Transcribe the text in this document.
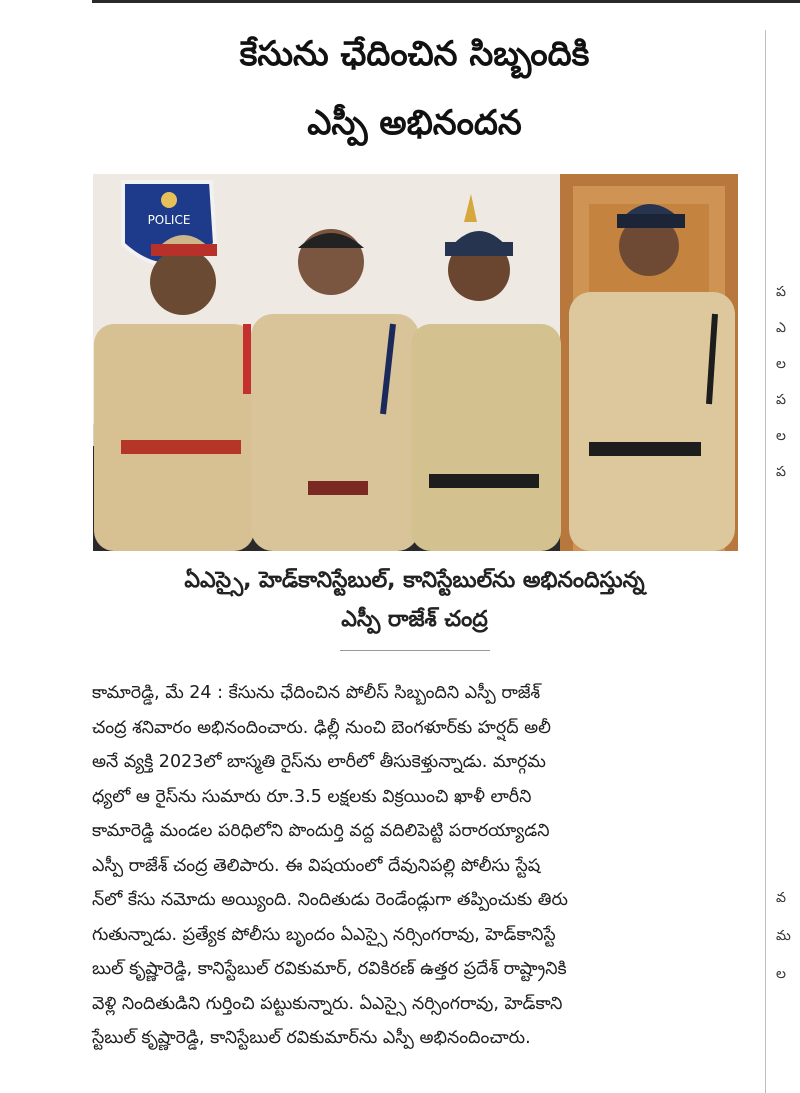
కేసును ఛేదించిన సిబ్బందికి
ఎస్పీ అభినందన
POLICE
ఏఎస్సై, హెడ్‌కానిస్టేబుల్, కానిస్టేబుల్‌ను అభినందిస్తున్న
ఎస్పీ రాజేశ్ చంద్ర
కామారెడ్డి, మే 24 : కేసును ఛేదించిన పోలీస్ సిబ్బందిని ఎస్పీ రాజేశ్
చంద్ర శనివారం అభినందించారు. ఢిల్లీ నుంచి బెంగళూర్‌కు హర్షద్ అలీ
అనే వ్యక్తి 2023లో బాస్మతి రైస్‌ను లారీలో తీసుకెళ్తున్నాడు. మార్గమ
ధ్యలో ఆ రైస్‌ను సుమారు రూ.3.5 లక్షలకు విక్రయించి ఖాళీ లారీని
కామారెడ్డి మండల పరిధిలోని పొందుర్తి వద్ద వదిలిపెట్టి పరారయ్యాడని
ఎస్పీ రాజేశ్ చంద్ర తెలిపారు. ఈ విషయంలో దేవునిపల్లి పోలీసు స్టేష
న్‌లో కేసు నమోదు అయ్యింది. నిందితుడు రెండేండ్లుగా తప్పించుకు తిరు
గుతున్నాడు. ప్రత్యేక పోలీసు బృందం ఏఎస్సై నర్సింగరావు, హెడ్‌కానిస్టే
బుల్ కృష్ణారెడ్డి, కానిస్టేబుల్ రవికుమార్, రవికిరణ్ ఉత్తర ప్రదేశ్ రాష్ట్రానికి
వెళ్లి నిందితుడిని గుర్తించి పట్టుకున్నారు. ఏఎస్సై నర్సింగరావు, హెడ్‌కాని
స్టేబుల్ కృష్ణారెడ్డి, కానిస్టేబుల్ రవికుమార్‌ను ఎస్పీ అభినందించారు.
ప
ఎ
ల
ప
ల
ప
వ
మ
ల
